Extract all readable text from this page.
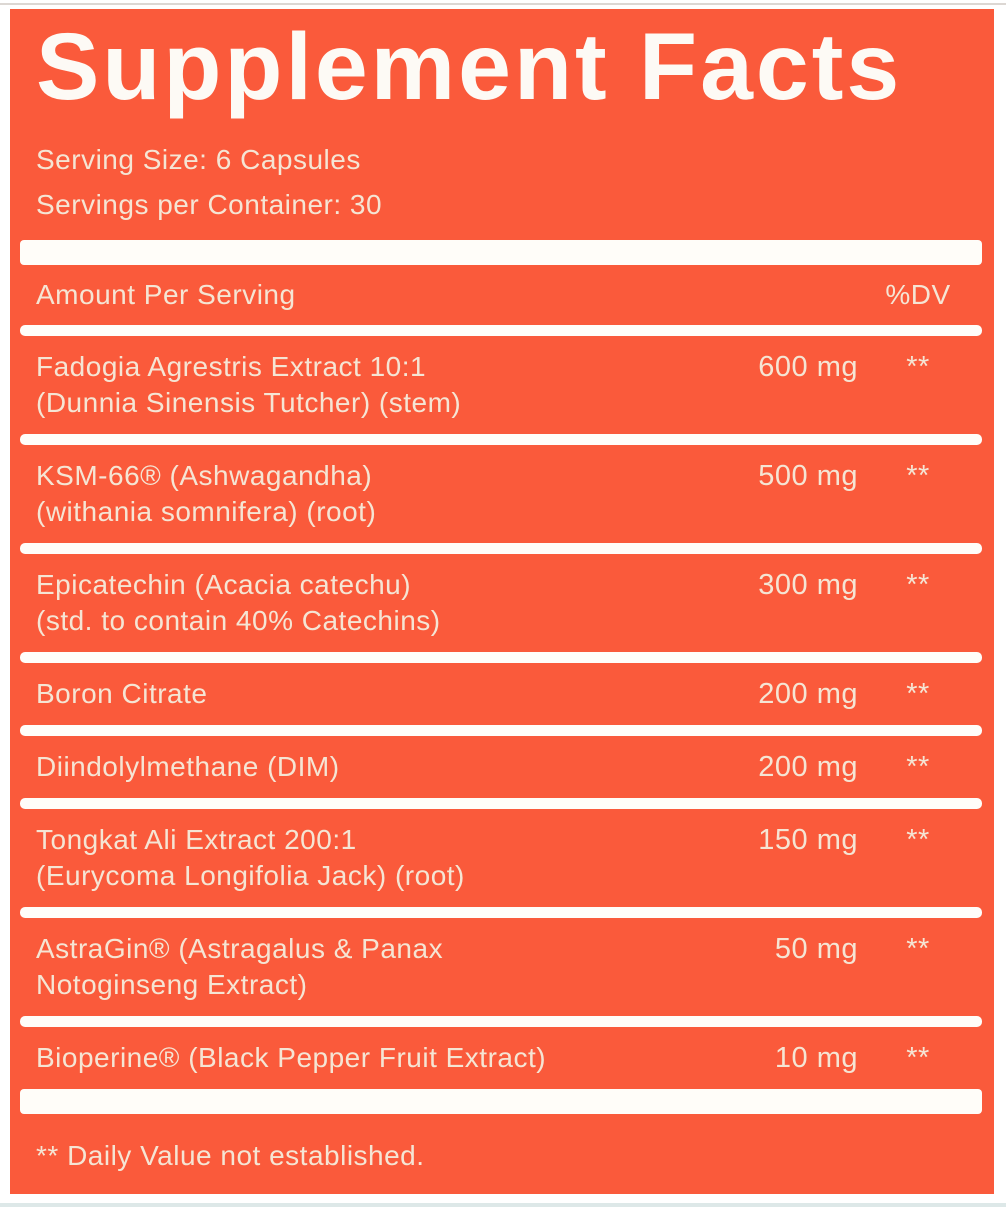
Supplement Facts
Serving Size: 6 Capsules
Servings per Container: 30
Amount Per Serving	%DV
Fadogia Agrestris Extract 10:1
(Dunnia Sinensis Tutcher) (stem)
600 mg	**
KSM-66® (Ashwagandha)
(withania somnifera) (root)
500 mg	**
Epicatechin (Acacia catechu)
(std. to contain 40% Catechins)
300 mg	**
Boron Citrate	200 mg	**
Diindolylmethane (DIM)	200 mg	**
Tongkat Ali Extract 200:1
(Eurycoma Longifolia Jack) (root)
150 mg	**
AstraGin® (Astragalus & Panax
Notoginseng Extract)
50 mg	**
Bioperine® (Black Pepper Fruit Extract)	10 mg	**
** Daily Value not established.
